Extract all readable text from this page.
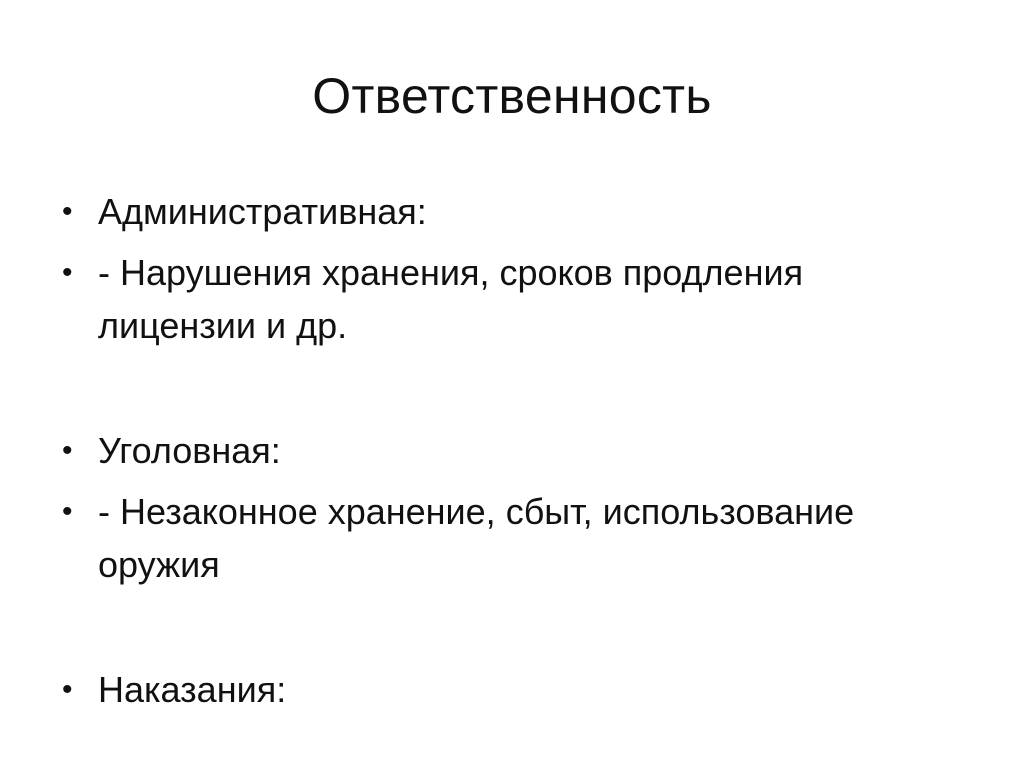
Ответственность
• Административная:
• - Нарушения хранения, сроков продления лицензии и др.
• Уголовная:
• - Незаконное хранение, сбыт, использование оружия
• Наказания:
